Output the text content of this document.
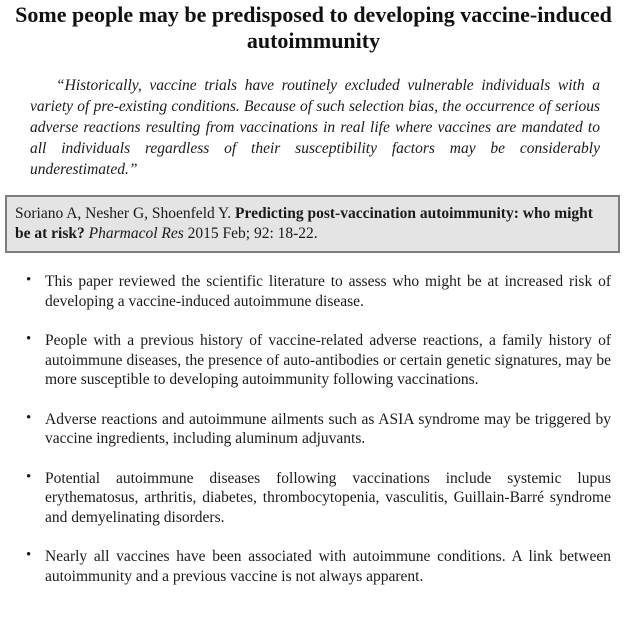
Some people may be predisposed to developing vaccine-induced autoimmunity

“Historically, vaccine trials have routinely excluded vulnerable individuals with a variety of pre-existing conditions. Because of such selection bias, the occurrence of serious adverse reactions resulting from vaccinations in real life where vaccines are mandated to all individuals regardless of their susceptibility factors may be considerably underestimated.”

Soriano A, Nesher G, Shoenfeld Y. Predicting post-vaccination autoimmunity: who might be at risk? Pharmacol Res 2015 Feb; 92: 18-22.
• This paper reviewed the scientific literature to assess who might be at increased risk of developing a vaccine-induced autoimmune disease.
• People with a previous history of vaccine-related adverse reactions, a family history of autoimmune diseases, the presence of auto-antibodies or certain genetic signatures, may be more susceptible to developing autoimmunity following vaccinations.
• Adverse reactions and autoimmune ailments such as ASIA syndrome may be triggered by vaccine ingredients, including aluminum adjuvants.
• Potential autoimmune diseases following vaccinations include systemic lupus erythematosus, arthritis, diabetes, thrombocytopenia, vasculitis, Guillain-Barré syndrome and demyelinating disorders.
• Nearly all vaccines have been associated with autoimmune conditions. A link between autoimmunity and a previous vaccine is not always apparent.
